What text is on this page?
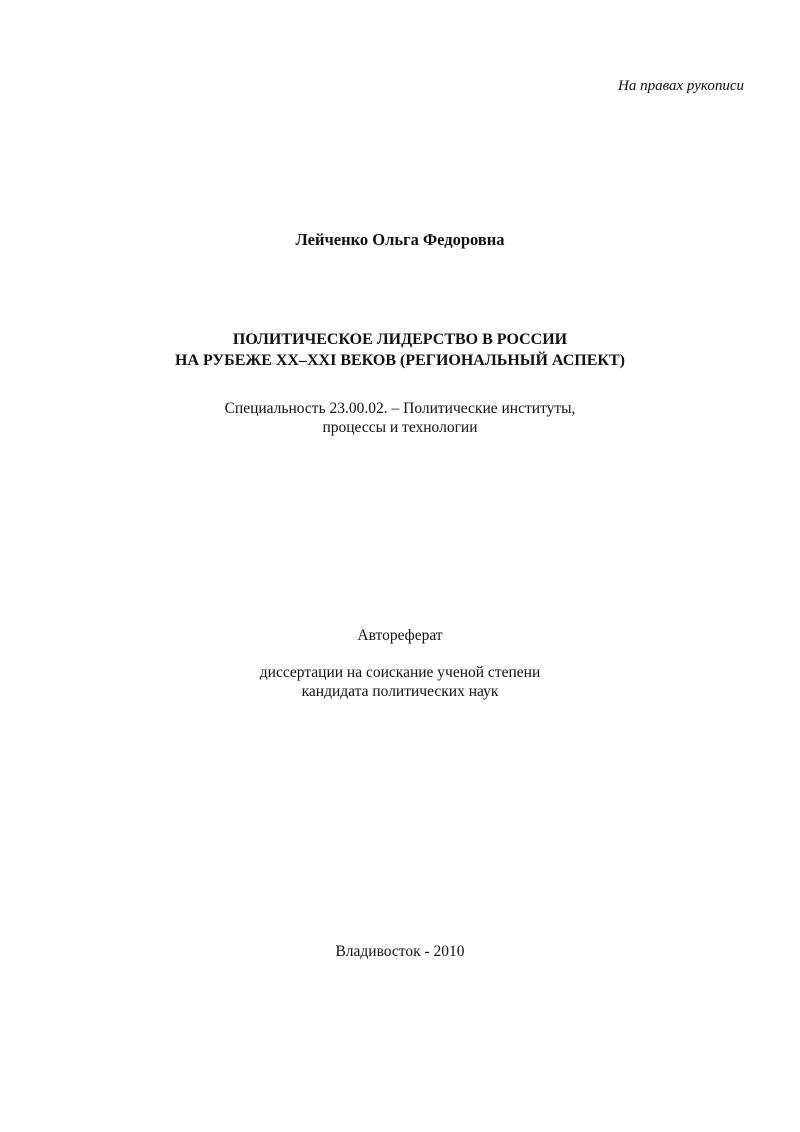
На правах рукописи
Лейченко Ольга Федоровна
ПОЛИТИЧЕСКОЕ ЛИДЕРСТВО В РОССИИ
НА РУБЕЖЕ ХХ–ХХI ВЕКОВ (РЕГИОНАЛЬНЫЙ АСПЕКТ)
Специальность 23.00.02. – Политические институты,
процессы и технологии
Автореферат
диссертации на соискание ученой степени
кандидата политических наук
Владивосток - 2010
